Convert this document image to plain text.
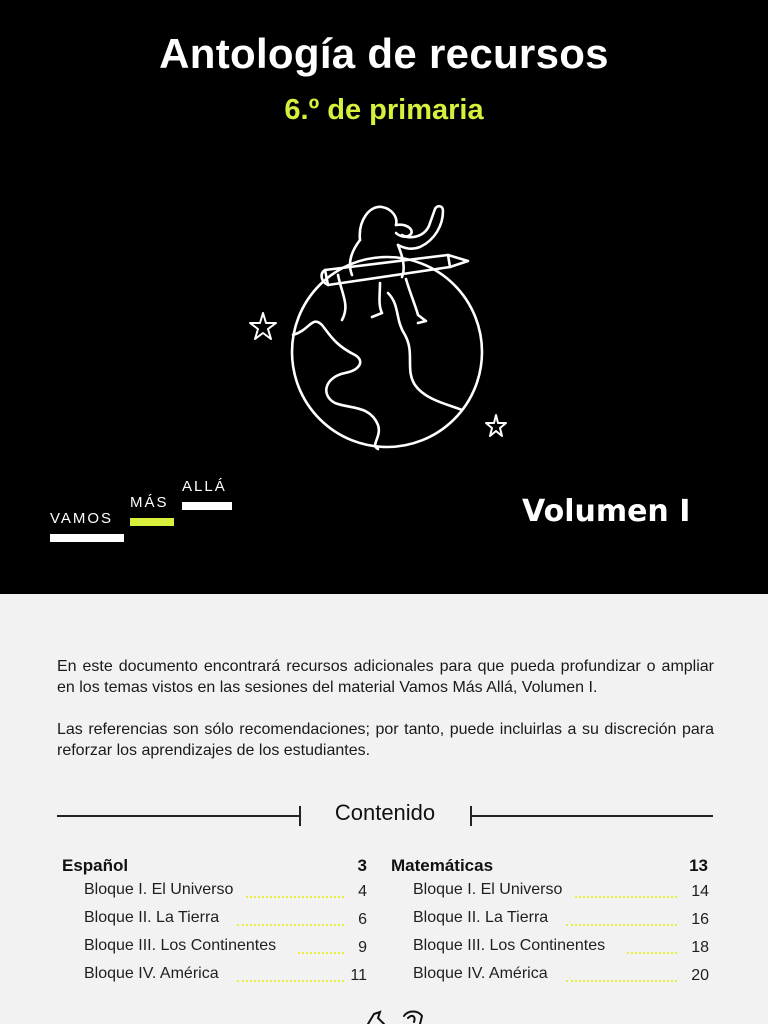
Antología de recursos
6.º de primaria
VAMOS
MÁS
ALLÁ
Volumen I

En este documento encontrará recursos adicionales para que pueda profundizar o ampliar en los temas vistos en las sesiones del material Vamos Más Allá, Volumen I.

Las referencias son sólo recomendaciones; por tanto, puede incluirlas a su discreción para reforzar los aprendizajes de los estudiantes.

Contenido
Español	3
Bloque I. El Universo	4
Bloque II. La Tierra	6
Bloque III. Los Continentes	9
Bloque IV. América	11
Matemáticas	13
Bloque I. El Universo	14
Bloque II. La Tierra	16
Bloque III. Los Continentes	18
Bloque IV. América	20
